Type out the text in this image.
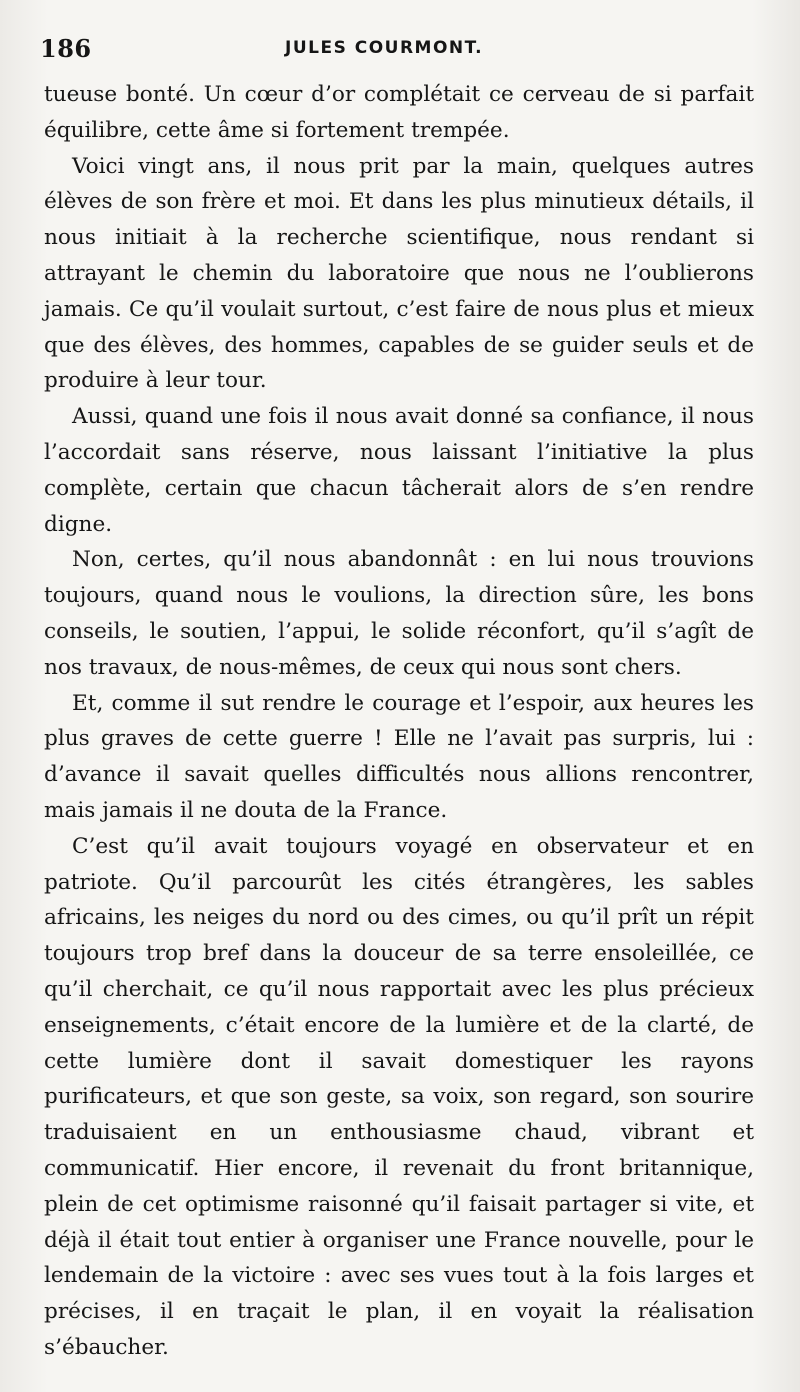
186	JULES COURMONT.

tueuse bonté. Un cœur d’or complétait ce cerveau de si parfait équilibre, cette âme si fortement trempée.

Voici vingt ans, il nous prit par la main, quelques autres élèves de son frère et moi. Et dans les plus minutieux détails, il nous initiait à la recherche scientifique, nous rendant si attrayant le chemin du laboratoire que nous ne l’oublierons jamais. Ce qu’il voulait surtout, c’est faire de nous plus et mieux que des élèves, des hommes, capables de se guider seuls et de produire à leur tour.

Aussi, quand une fois il nous avait donné sa confiance, il nous l’accordait sans réserve, nous laissant l’initiative la plus complète, certain que chacun tâcherait alors de s’en rendre digne.

Non, certes, qu’il nous abandonnât : en lui nous trouvions toujours, quand nous le voulions, la direction sûre, les bons conseils, le soutien, l’appui, le solide réconfort, qu’il s’agît de nos travaux, de nous-mêmes, de ceux qui nous sont chers.

Et, comme il sut rendre le courage et l’espoir, aux heures les plus graves de cette guerre ! Elle ne l’avait pas surpris, lui : d’avance il savait quelles difficultés nous allions rencontrer, mais jamais il ne douta de la France.

C’est qu’il avait toujours voyagé en observateur et en patriote. Qu’il parcourût les cités étrangères, les sables africains, les neiges du nord ou des cimes, ou qu’il prît un répit toujours trop bref dans la douceur de sa terre ensoleillée, ce qu’il cherchait, ce qu’il nous rapportait avec les plus précieux enseignements, c’était encore de la lumière et de la clarté, de cette lumière dont il savait domestiquer les rayons purificateurs, et que son geste, sa voix, son regard, son sourire traduisaient en un enthousiasme chaud, vibrant et communicatif. Hier encore, il revenait du front britannique, plein de cet optimisme raisonné qu’il faisait partager si vite, et déjà il était tout entier à organiser une France nouvelle, pour le lendemain de la victoire : avec ses vues tout à la fois larges et précises, il en traçait le plan, il en voyait la réalisation s’ébaucher.
